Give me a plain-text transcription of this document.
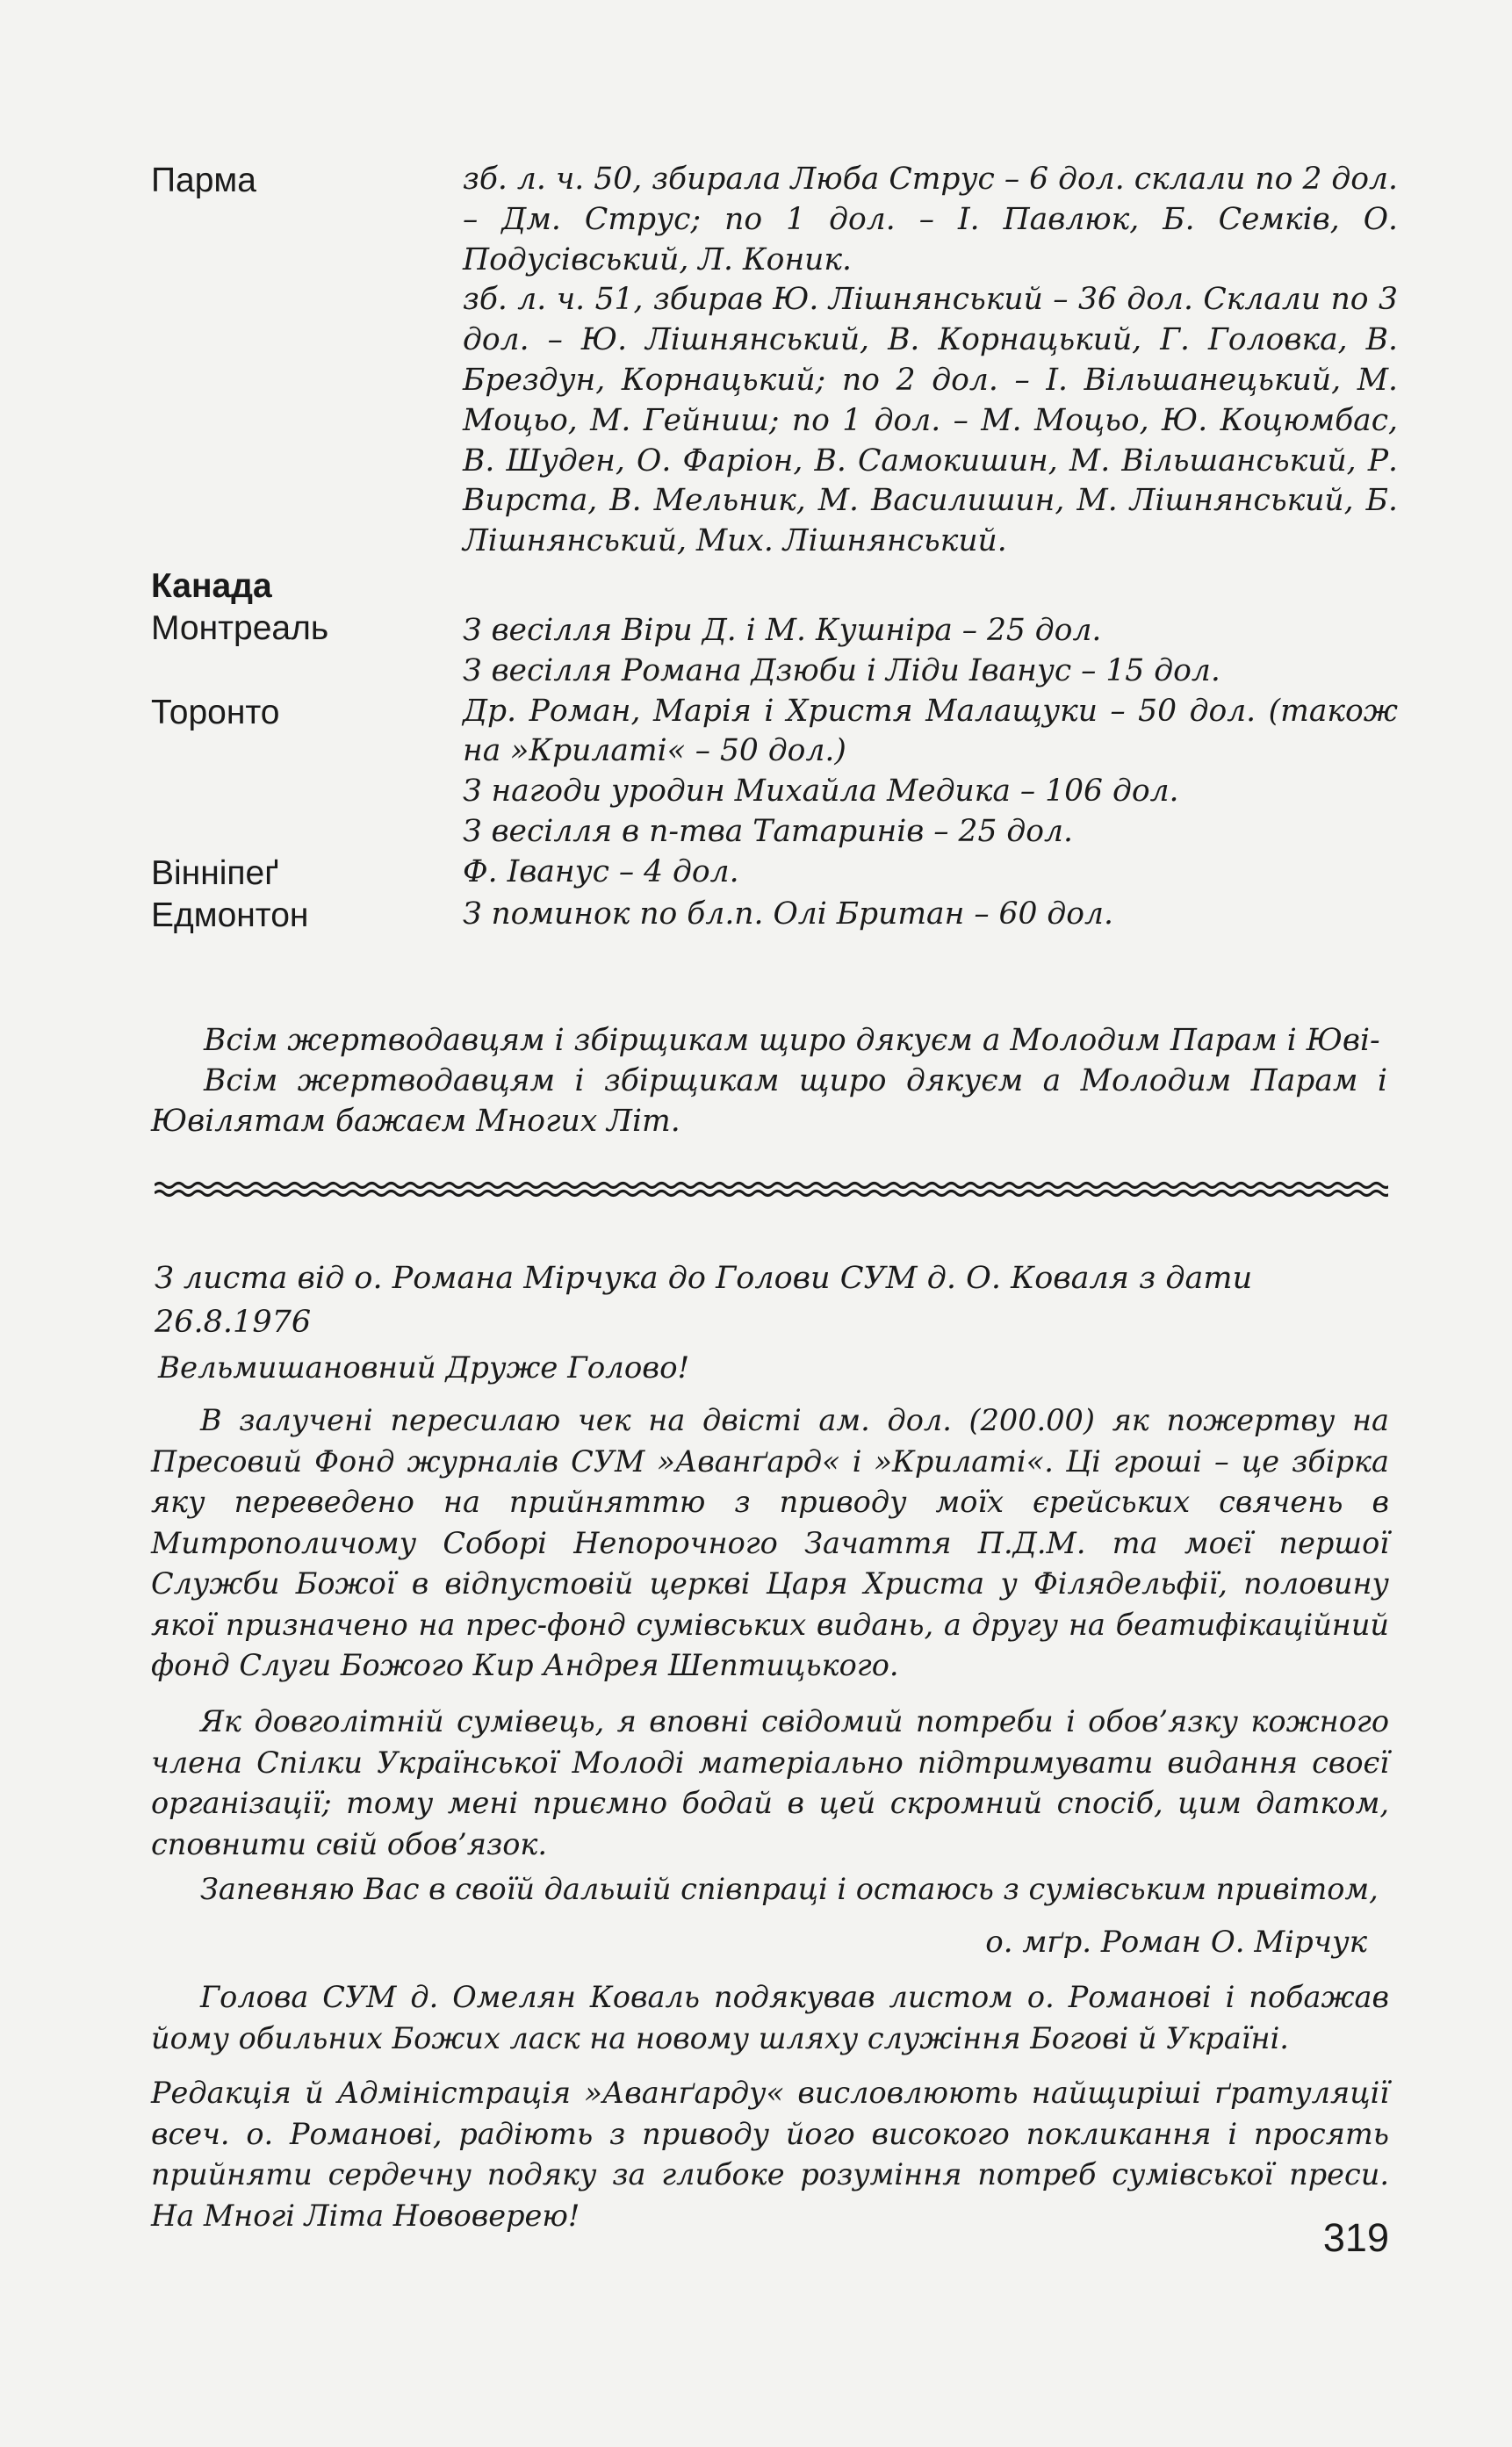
Парма	зб. л. ч. 50, збирала Люба Струс – 6 дол. склали по 2 дол. – Дм. Струс; по 1 дол. – І. Павлюк, Б. Семків, О. Подусівський, Л. Коник.
зб. л. ч. 51, збирав Ю. Лішнянський – 36 дол. Склали по 3 дол. – Ю. Лішнянський, В. Корнацький, Г. Головка, В. Брездун, Корнацький; по 2 дол. – І. Вільшанецький, М. Моцьо, М. Гейниш; по 1 дол. – М. Моцьо, Ю. Коцюмбас, В. Шуден, О. Фаріон, В. Самокишин, М. Вільшанський, Р. Вирста, В. Мельник, М. Василишин, М. Лішнянський, Б. Лішнянський, Мих. Лішнянський.
Канада
Монтреаль	З весілля Віри Д. і М. Кушніра – 25 дол.
З весілля Романа Дзюби і Ліди Іванус – 15 дол.
Торонто	Др. Роман, Марія і Христя Малащуки – 50 дол. (також на »Крилаті« – 50 дол.)
З нагоди уродин Михайла Медика – 106 дол.
З весілля в п-тва Татаринів – 25 дол.
Вінніпеґ	Ф. Іванус – 4 дол.
Едмонтон	З поминок по бл.п. Олі Британ – 60 дол.

Всім жертводавцям і збірщикам щиро дякуєм а Молодим Парам і Юві-

Всім жертводавцям і збірщикам щиро дякуєм а Молодим Парам і Ювілятам бажаєм Многих Літ.

З листа від о. Романа Мірчука до Голови СУМ д. О. Коваля з дати 26.8.1976
Вельмишановний Друже Голово!

В залучені пересилаю чек на двісті ам. дол. (200.00) як пожертву на Пресовий Фонд журналів СУМ »Аванґард« і »Крилаті«. Ці гроші – це збірка яку переведено на прийняттю з приводу моїх єрейських свячень в Митрополичому Соборі Непорочного Зачаття П.Д.М. та моєї першої Служби Божої в відпустовій церкві Царя Христа у Філядельфії, половину якої призначено на прес-фонд сумівських видань, а другу на беатифікаційний фонд Слуги Божого Кир Андрея Шептицького.

Як довголітній сумівець, я вповні свідомий потреби і обов’язку кожного члена Спілки Української Молоді матеріально підтримувати видання своєї організації; тому мені приємно бодай в цей скромний спосіб, цим датком, сповнити свій обов’язок.

Запевняю Вас в своїй дальшій співпраці і остаюсь з сумівським привітом,

о. мґр. Роман О. Мірчук

Голова СУМ д. Омелян Коваль подякував листом о. Романові і побажав йому обильних Божих ласк на новому шляху служіння Богові й Україні.

Редакція й Адміністрація »Аванґарду« висловлюють найщиріші ґратуляції всеч. о. Романові, радіють з приводу його високого покликання і просять прийняти сердечну подяку за глибоке розуміння потреб сумівської преси. На Многі Літа Нововерею!	319
